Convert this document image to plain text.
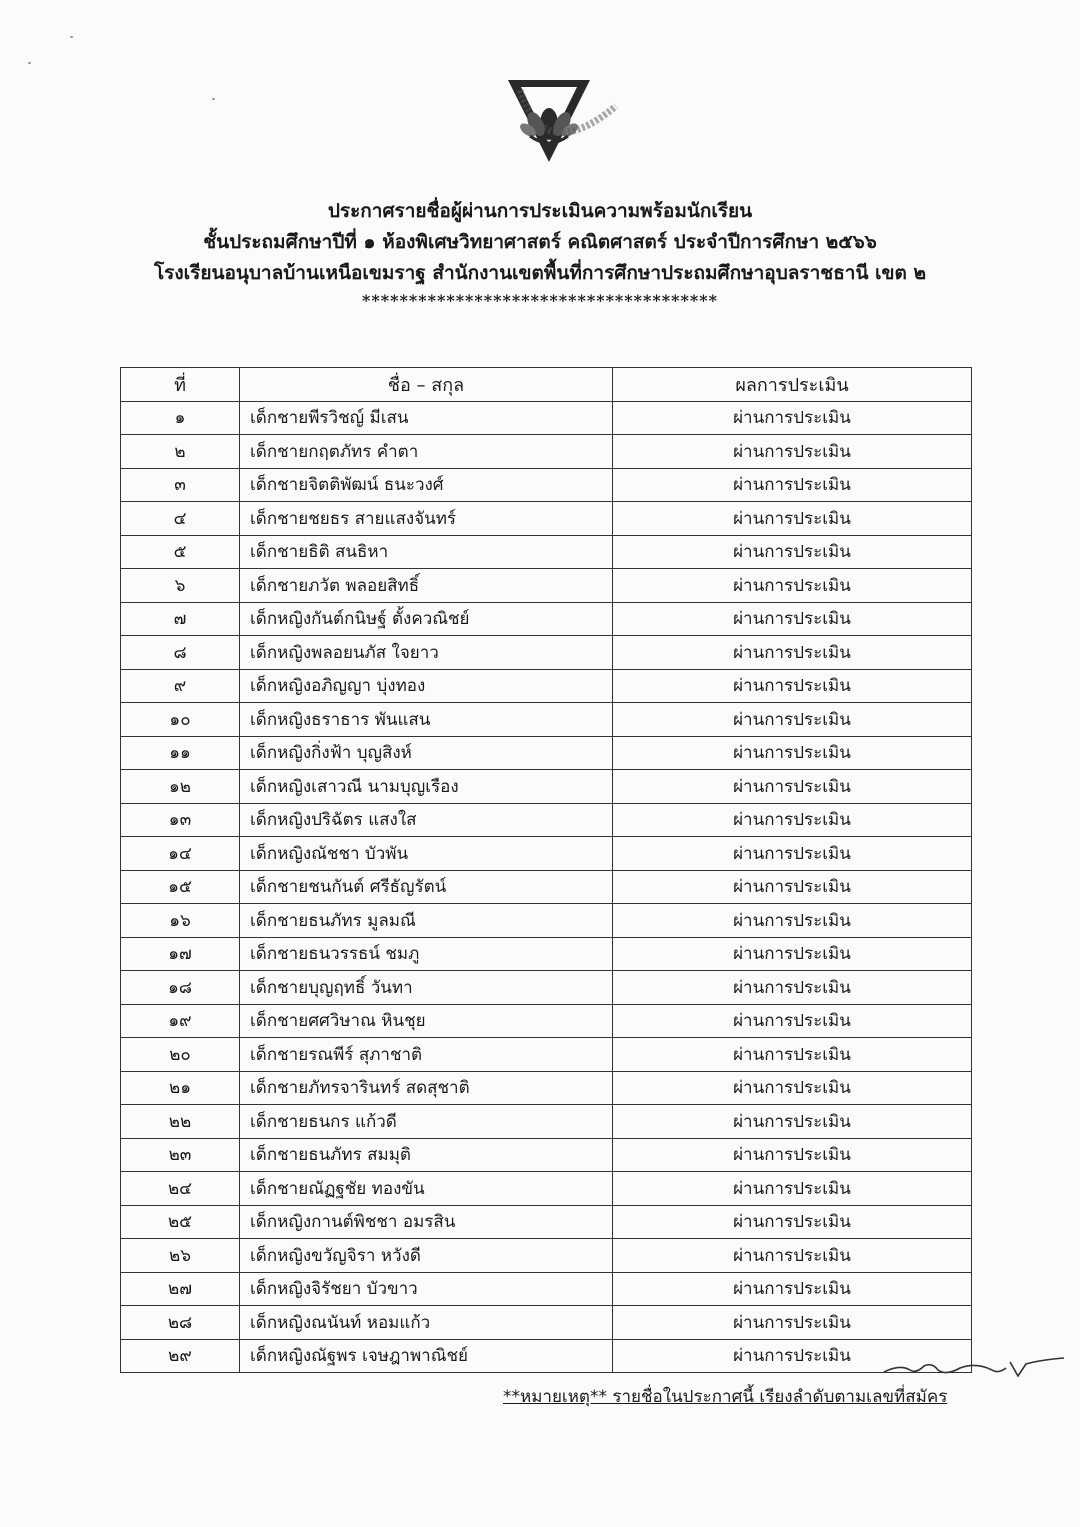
ประกาศรายชื่อผู้ผ่านการประเมินความพร้อมนักเรียน
ชั้นประถมศึกษาปีที่ ๑ ห้องพิเศษวิทยาศาสตร์ คณิตศาสตร์ ประจำปีการศึกษา ๒๕๖๖
โรงเรียนอนุบาลบ้านเหนือเขมราฐ สำนักงานเขตพื้นที่การศึกษาประถมศึกษาอุบลราชธานี เขต ๒
**************************************
ที่	ชื่อ – สกุล	ผลการประเมิน
๑	เด็กชายพีรวิชญ์ มีเสน	ผ่านการประเมิน
๒	เด็กชายกฤตภัทร คำตา	ผ่านการประเมิน
๓	เด็กชายจิตติพัฒน์ ธนะวงศ์	ผ่านการประเมิน
๔	เด็กชายชยธร สายแสงจันทร์	ผ่านการประเมิน
๕	เด็กชายธิติ สนธิหา	ผ่านการประเมิน
๖	เด็กชายภวัต พลอยสิทธิ์	ผ่านการประเมิน
๗	เด็กหญิงกันต์กนิษฐ์ ตั้งควณิชย์	ผ่านการประเมิน
๘	เด็กหญิงพลอยนภัส ใจยาว	ผ่านการประเมิน
๙	เด็กหญิงอภิญญา บุ่งทอง	ผ่านการประเมิน
๑๐	เด็กหญิงธราธาร พันแสน	ผ่านการประเมิน
๑๑	เด็กหญิงกิ่งฟ้า บุญสิงห์	ผ่านการประเมิน
๑๒	เด็กหญิงเสาวณี นามบุญเรือง	ผ่านการประเมิน
๑๓	เด็กหญิงปริฉัตร แสงใส	ผ่านการประเมิน
๑๔	เด็กหญิงณัชชา บัวพัน	ผ่านการประเมิน
๑๕	เด็กชายชนกันต์ ศรีธัญรัตน์	ผ่านการประเมิน
๑๖	เด็กชายธนภัทร มูลมณี	ผ่านการประเมิน
๑๗	เด็กชายธนวรรธน์ ชมภู	ผ่านการประเมิน
๑๘	เด็กชายบุญฤทธิ์ วันทา	ผ่านการประเมิน
๑๙	เด็กชายศศวิษาณ หินชุย	ผ่านการประเมิน
๒๐	เด็กชายรณพีร์ สุภาชาติ	ผ่านการประเมิน
๒๑	เด็กชายภัทรจารินทร์ สดสุชาติ	ผ่านการประเมิน
๒๒	เด็กชายธนกร แก้วดี	ผ่านการประเมิน
๒๓	เด็กชายธนภัทร สมมุติ	ผ่านการประเมิน
๒๔	เด็กชายณัฏฐชัย ทองขัน	ผ่านการประเมิน
๒๕	เด็กหญิงกานต์พิชชา อมรสิน	ผ่านการประเมิน
๒๖	เด็กหญิงขวัญจิรา หวังดี	ผ่านการประเมิน
๒๗	เด็กหญิงจิรัชยา บัวขาว	ผ่านการประเมิน
๒๘	เด็กหญิงณนันท์ หอมแก้ว	ผ่านการประเมิน
๒๙	เด็กหญิงณัฐพร เจษฎาพาณิชย์	ผ่านการประเมิน
**หมายเหตุ** รายชื่อในประกาศนี้ เรียงลำดับตามเลขที่สมัคร
